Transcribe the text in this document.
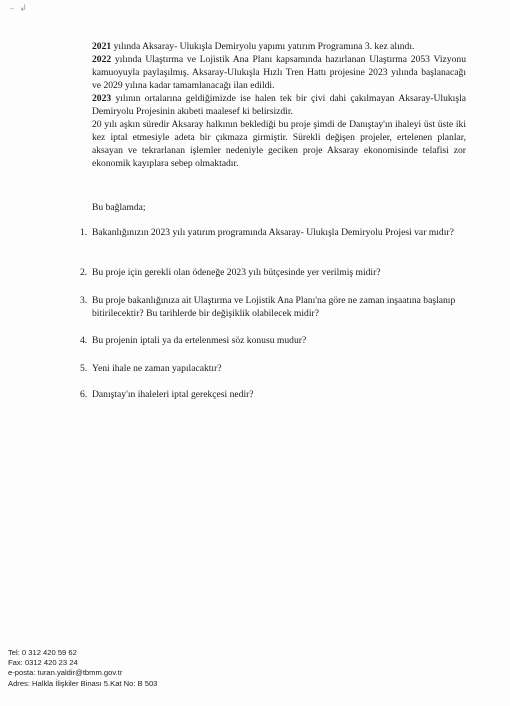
– ↲

2021 yılında Aksaray- Ulukışla Demiryolu yapımı yatırım Programına 3. kez alındı.

2022 yılında Ulaştırma ve Lojistik Ana Planı kapsamında hazırlanan Ulaştırma 2053 Vizyonu kamuoyuyla paylaşılmış. Aksaray-Ulukışla Hızlı Tren Hattı projesine 2023 yılında başlanacağı ve 2029 yılına kadar tamamlanacağı ilan edildi.

2023 yılının ortalarına geldiğimizde ise halen tek bir çivi dahi çakılmayan Aksaray-Ulukışla Demiryolu Projesinin akıbeti maalesef ki belirsizdir.

20 yılı aşkın süredir Aksaray halkının beklediği bu proje şimdi de Danıştay'ın ihaleyi üst üste iki kez iptal etmesiyle adeta bir çıkmaza girmiştir. Sürekli değişen projeler, ertelenen planlar, aksayan ve tekrarlanan işlemler nedeniyle geciken proje Aksaray ekonomisinde telafisi zor ekonomik kayıplara sebep olmaktadır.

Bu bağlamda;
1. Bakanlığınızın 2023 yılı yatırım programında Aksaray- Ulukışla Demiryolu Projesi var mıdır?
2. Bu proje için gerekli olan ödeneğe 2023 yılı bütçesinde yer verilmiş midir?
3. Bu proje bakanlığınıza ait Ulaştırma ve Lojistik Ana Planı'na göre ne zaman inşaatına başlanıp bitirilecektir? Bu tarihlerde bir değişiklik olabilecek midir?
4. Bu projenin iptali ya da ertelenmesi söz konusu mudur?
5. Yeni ihale ne zaman yapılacaktır?
6. Danıştay'ın ihaleleri iptal gerekçesi nedir?
Tel: 0 312 420 59 62
Fax: 0312 420 23 24
e-posta: turan.yaldir@tbmm.gov.tr
Adres: Halkla İlişkiler Binası 5.Kat No: B 503
